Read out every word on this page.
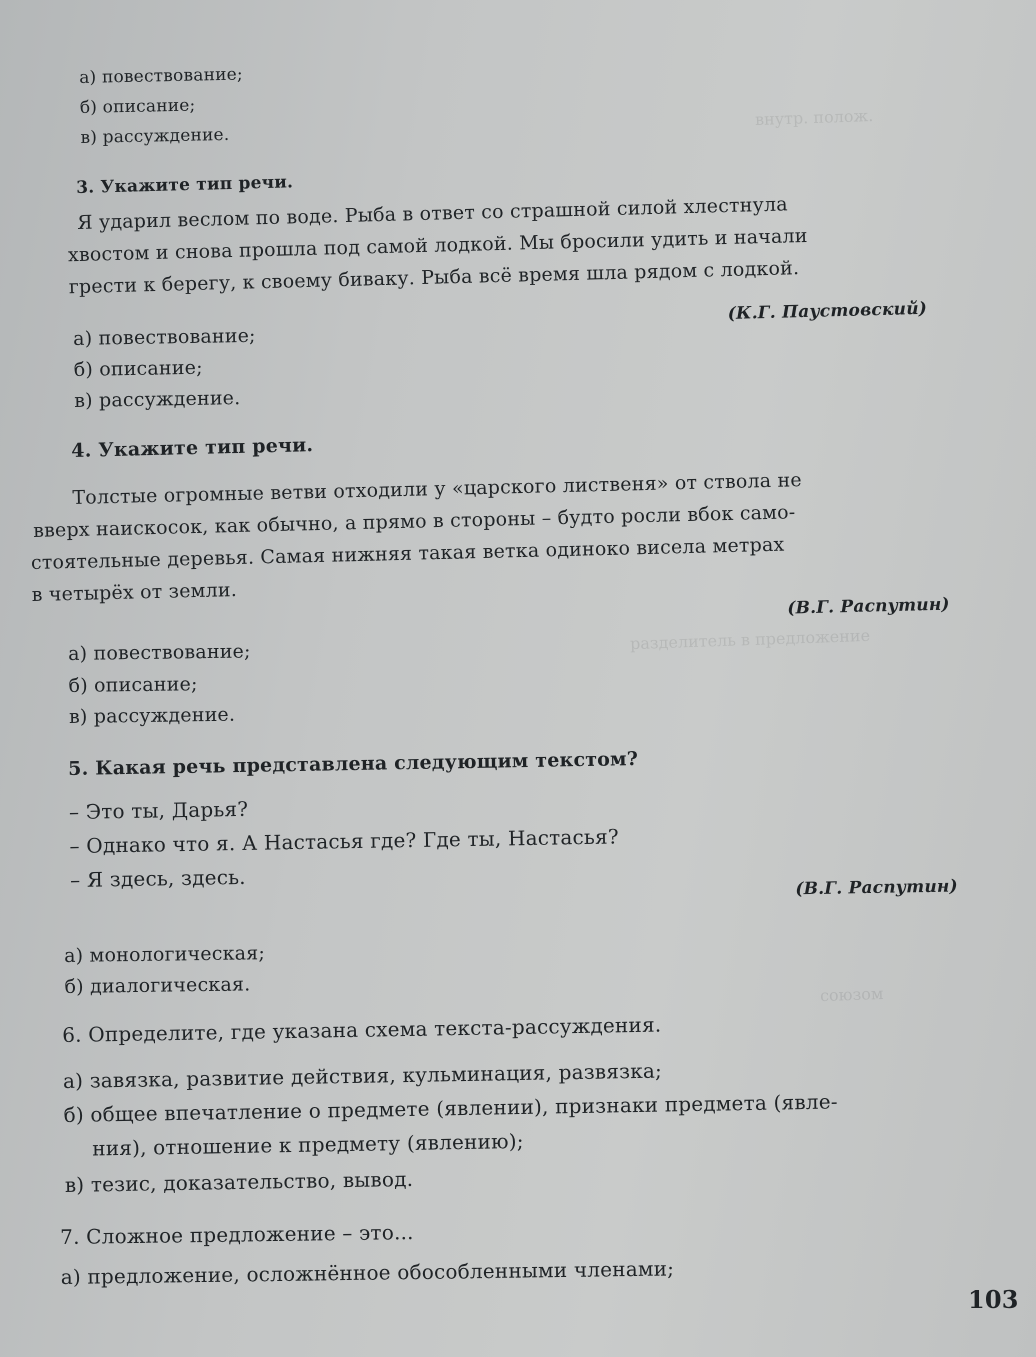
внутр. полож.
разделитель в предложение
союзом
а) повествование;
б) описание;
в) рассуждение.
3. Укажите тип речи.
Я ударил веслом по воде. Рыба в ответ со страшной силой хлестнула
хвостом и снова прошла под самой лодкой. Мы бросили удить и начали
грести к берегу, к своему биваку. Рыба всё время шла рядом с лодкой.
(К.Г. Паустовский)
а) повествование;
б) описание;
в) рассуждение.
4. Укажите тип речи.
Толстые огромные ветви отходили у «царского лиственя» от ствола не
вверх наискосок, как обычно, а прямо в стороны – будто росли вбок само-
стоятельные деревья. Самая нижняя такая ветка одиноко висела метрах
в четырёх от земли.
(В.Г. Распутин)
а) повествование;
б) описание;
в) рассуждение.
5. Какая речь представлена следующим текстом?
– Это ты, Дарья?
– Однако что я. А Настасья где? Где ты, Настасья?
– Я здесь, здесь.	(В.Г. Распутин)
а) монологическая;
б) диалогическая.
6. Определите, где указана схема текста-рассуждения.
а) завязка, развитие действия, кульминация, развязка;
б) общее впечатление о предмете (явлении), признаки предмета (явле-
ния), отношение к предмету (явлению);
в) тезис, доказательство, вывод.
7. Сложное предложение – это...
а) предложение, осложнённое обособленными членами;
103
